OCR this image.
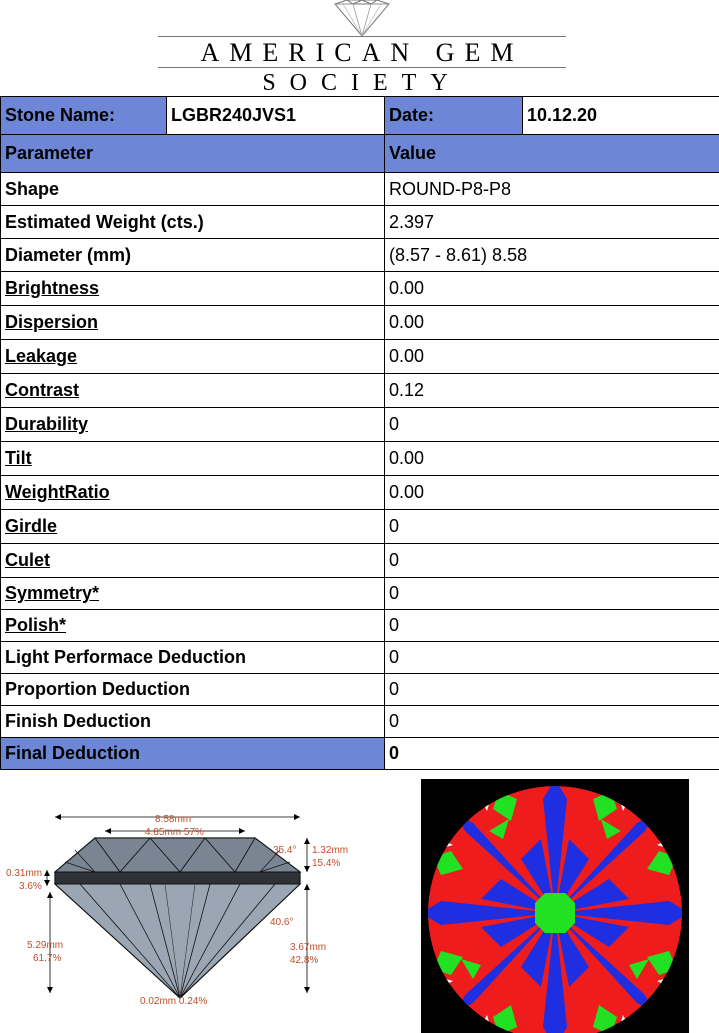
AMERICAN GEM
SOCIETY
Stone Name:	LGBR240JVS1	Date:	10.12.20
Parameter		Value	
Shape		ROUND-P8-P8	
Estimated Weight (cts.)		2.397	
Diameter (mm)		(8.57 - 8.61) 8.58	
Brightness		0.00	
Dispersion		0.00	
Leakage		0.00	
Contrast		0.12	
Durability		0	
Tilt		0.00	
WeightRatio		0.00	
Girdle		0	
Culet		0	
Symmetry*		0	
Polish*		0	
Light Performace Deduction		0	
Proportion Deduction		0	
Finish Deduction		0	
Final Deduction		0	
8.58mm
4.85mm 57%
0.31mm
3.6%
5.29mm
61.7%
35.4° 1.32mm
15.4%
40.6°
3.67mm
42.8%
0.02mm 0.24%
